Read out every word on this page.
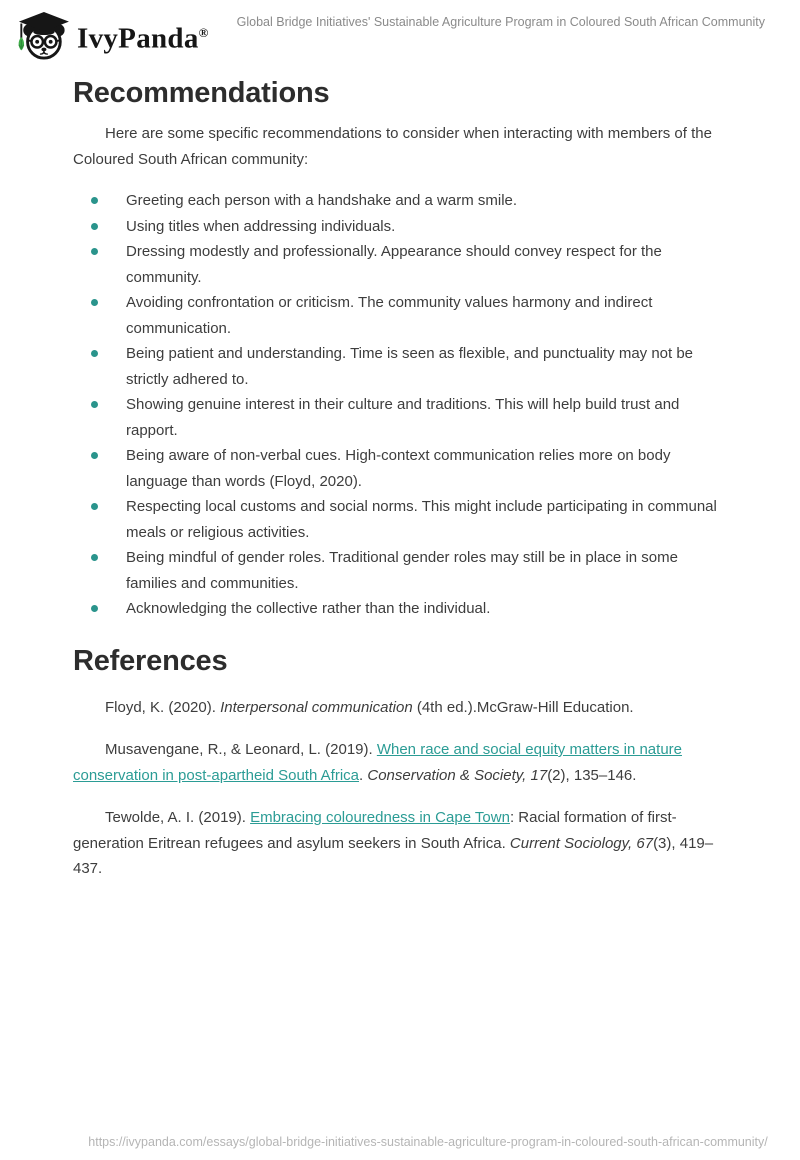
IvyPanda®
Global Bridge Initiatives' Sustainable Agriculture Program in Coloured South African Community
Recommendations

Here are some specific recommendations to consider when interacting with members of the Coloured South African community:

Greeting each person with a handshake and a warm smile.
Using titles when addressing individuals.
Dressing modestly and professionally. Appearance should convey respect for the community.
Avoiding confrontation or criticism. The community values harmony and indirect communication.
Being patient and understanding. Time is seen as flexible, and punctuality may not be strictly adhered to.
Showing genuine interest in their culture and traditions. This will help build trust and rapport.
Being aware of non-verbal cues. High-context communication relies more on body language than words (Floyd, 2020).
Respecting local customs and social norms. This might include participating in communal meals or religious activities.
Being mindful of gender roles. Traditional gender roles may still be in place in some families and communities.
Acknowledging the collective rather than the individual.
References

Floyd, K. (2020). Interpersonal communication (4th ed.).McGraw-Hill Education.

Musavengane, R., & Leonard, L. (2019). When race and social equity matters in nature conservation in post-apartheid South Africa. Conservation & Society, 17(2), 135–146.

Tewolde, A. I. (2019). Embracing colouredness in Cape Town: Racial formation of first-generation Eritrean refugees and asylum seekers in South Africa. Current Sociology, 67(3), 419–437.

https://ivypanda.com/essays/global-bridge-initiatives-sustainable-agriculture-program-in-coloured-south-african-community/
